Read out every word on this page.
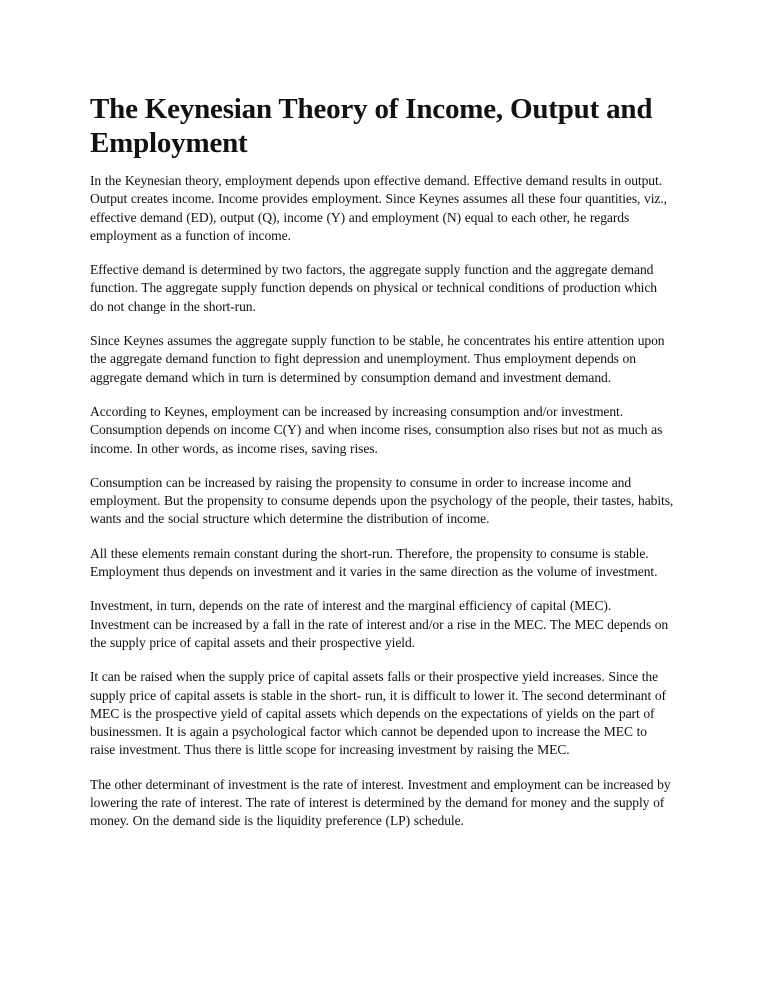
The Keynesian Theory of Income, Output and Employment

In the Keynesian theory, employment depends upon effective demand. Effective demand results in output. Output creates income. Income provides employment. Since Keynes assumes all these four quantities, viz., effective demand (ED), output (Q), income (Y) and employment (N) equal to each other, he regards employment as a function of income.

Effective demand is determined by two factors, the aggregate supply function and the aggregate demand function. The aggregate supply function depends on physical or technical conditions of production which do not change in the short-run.

Since Keynes assumes the aggregate supply function to be stable, he concentrates his entire attention upon the aggregate demand function to fight depression and unemployment. Thus employment depends on aggregate demand which in turn is determined by consumption demand and investment demand.

According to Keynes, employment can be increased by increasing consumption and/or investment. Consumption depends on income C(Y) and when income rises, consumption also rises but not as much as income. In other words, as income rises, saving rises.

Consumption can be increased by raising the propensity to consume in order to increase income and employment. But the propensity to consume depends upon the psychology of the people, their tastes, habits, wants and the social structure which determine the distribution of income.

All these elements remain constant during the short-run. Therefore, the propensity to consume is stable. Employment thus depends on investment and it varies in the same direction as the volume of investment.

Investment, in turn, depends on the rate of interest and the marginal efficiency of capital (MEC). Investment can be increased by a fall in the rate of interest and/or a rise in the MEC. The MEC depends on the supply price of capital assets and their prospective yield.

It can be raised when the supply price of capital assets falls or their prospective yield increases. Since the supply price of capital assets is stable in the short- run, it is difficult to lower it. The second determinant of MEC is the prospective yield of capital assets which depends on the expectations of yields on the part of businessmen. It is again a psychological factor which cannot be depended upon to increase the MEC to raise investment. Thus there is little scope for increasing investment by raising the MEC.

The other determinant of investment is the rate of interest. Investment and employment can be increased by lowering the rate of interest. The rate of interest is determined by the demand for money and the supply of money. On the demand side is the liquidity preference (LP) schedule.
